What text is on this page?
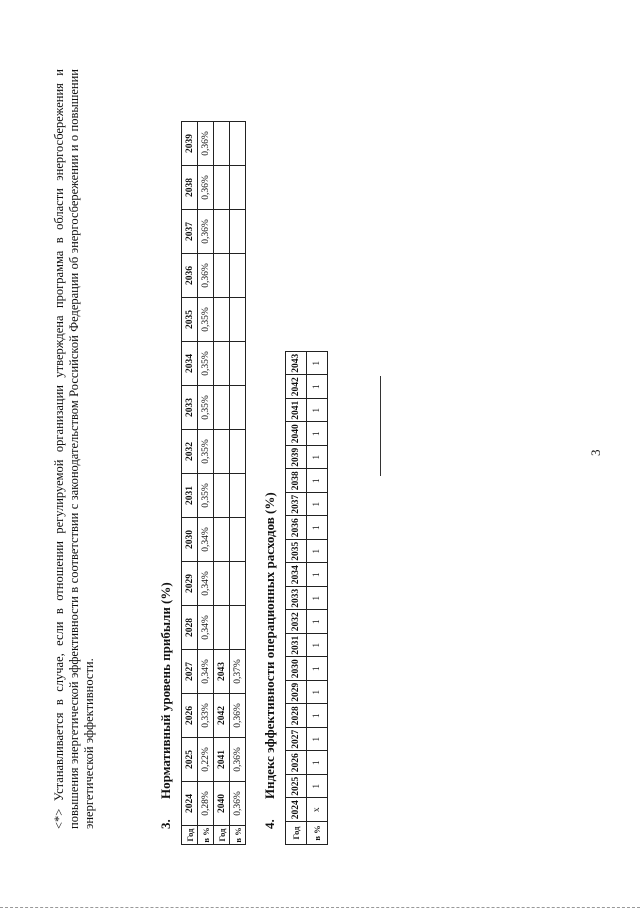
3
<*> Устанавливается в случае, если в отношении регулируемой организации утверждена программа в области энергосбережения и повышения энергетической эффективности в соответствии с законодательством Российской Федерации об энергосбережении и о повышении энергетической эффективности.	3.Нормативный уровень прибыли (%)
Год	2024	2025	2026	2027	2028	2029	2030	2031	2032	2033	2034	2035	2036	2037	2038	2039
в %	0,28%	0,22%	0,33%	0,34%	0,34%	0,34%	0,34%	0,35%	0,35%	0,35%	0,35%	0,35%	0,36%	0,36%	0,36%	0,36%
Год	2040	2041	2042	2043												
в %	0,36%	0,36%	0,36%	0,37%												
4.Индекс эффективности операционных расходов (%)
Год	2024	2025	2026	2027	2028	2029	2030	2031	2032	2033	2034	2035	2036	2037	2038	2039	2040	2041	2042	2043
в %	x	1	1	1	1	1	1	1	1	1	1	1	1	1	1	1	1	1	1	1
